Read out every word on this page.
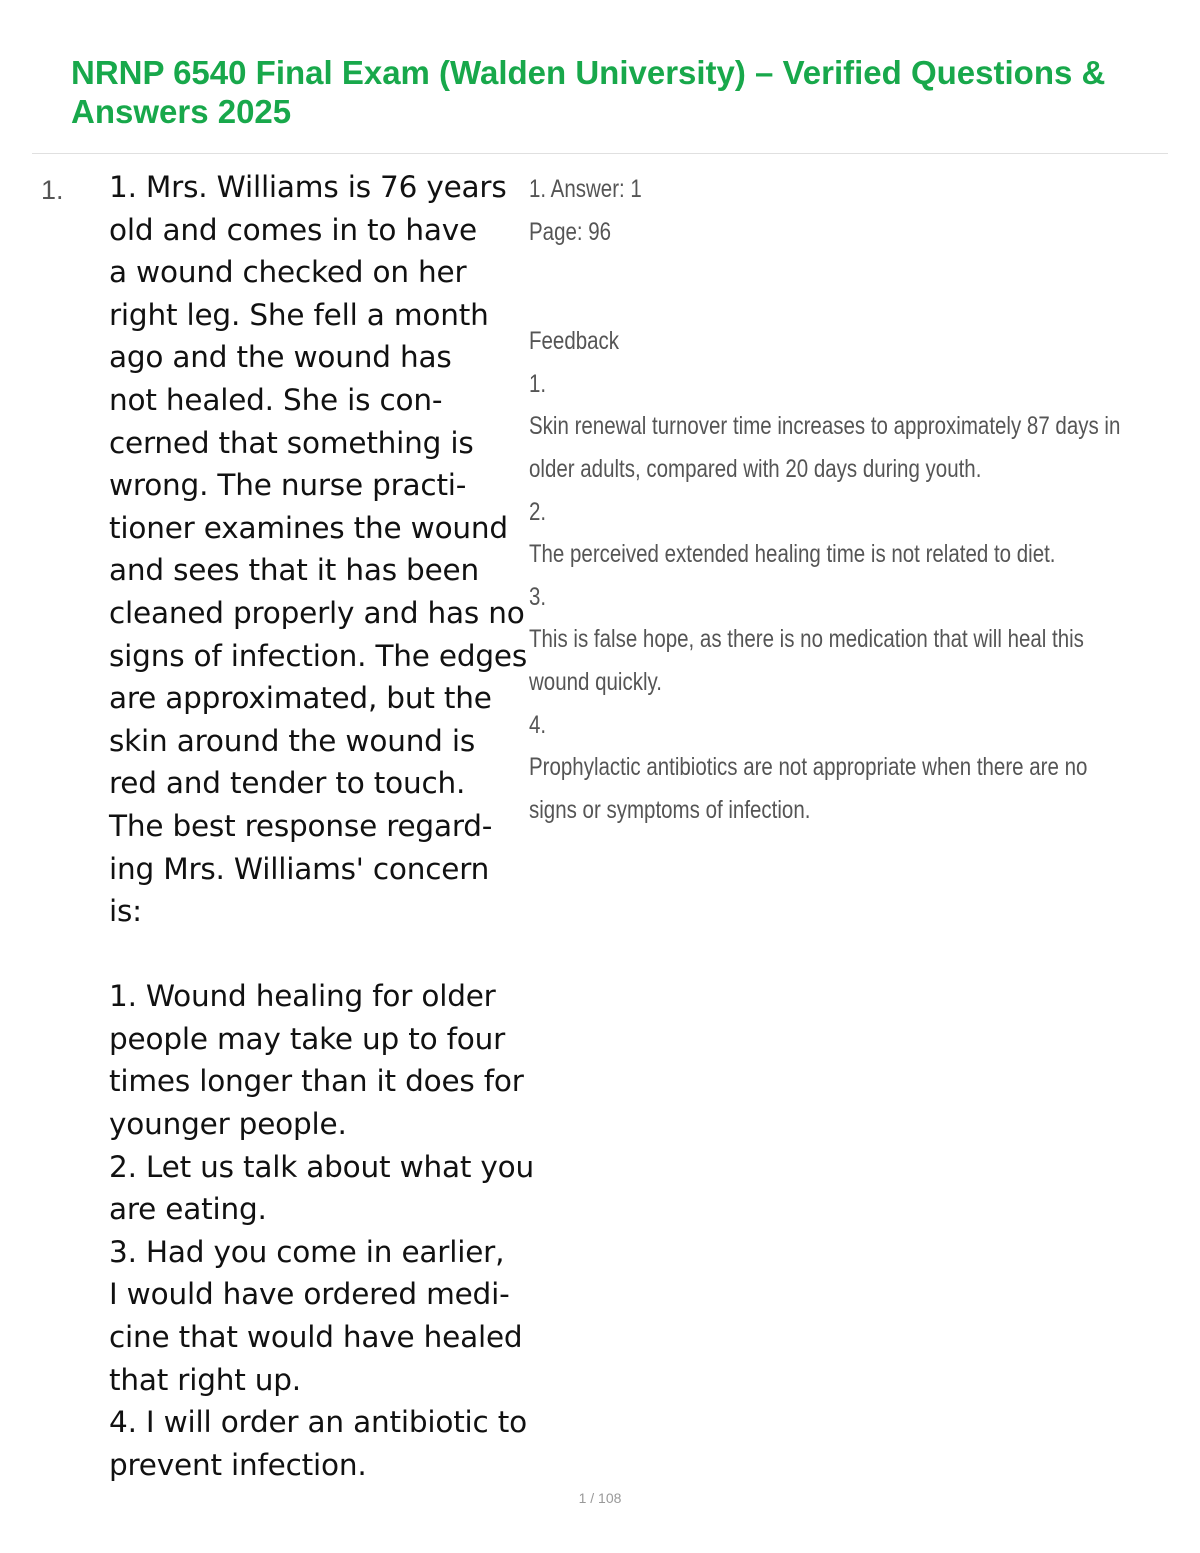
NRNP 6540 Final Exam (Walden University) – Verified Questions & Answers 2025
1. 1. Mrs. Williams is 76 years
old and comes in to have
a wound checked on her
right leg. She fell a month
ago and the wound has
not healed. She is con-
cerned that something is
wrong. The nurse practi-
tioner examines the wound
and sees that it has been
cleaned properly and has no
signs of infection. The edges
are approximated, but the
skin around the wound is
red and tender to touch.
The best response regard-
ing Mrs. Williams' concern
is:
1. Wound healing for older
people may take up to four
times longer than it does for
younger people.
2. Let us talk about what you
are eating.
3. Had you come in earlier,
I would have ordered medi-
cine that would have healed
that right up.
4. I will order an antibiotic to
prevent infection.
1. Answer: 1
Page: 96
Feedback
1.
Skin renewal turnover time increases to approximately 87 days in
older adults, compared with 20 days during youth.
2.
The perceived extended healing time is not related to diet.
3.
This is false hope, as there is no medication that will heal this
wound quickly.
4.
Prophylactic antibiotics are not appropriate when there are no
signs or symptoms of infection.
1 / 108
